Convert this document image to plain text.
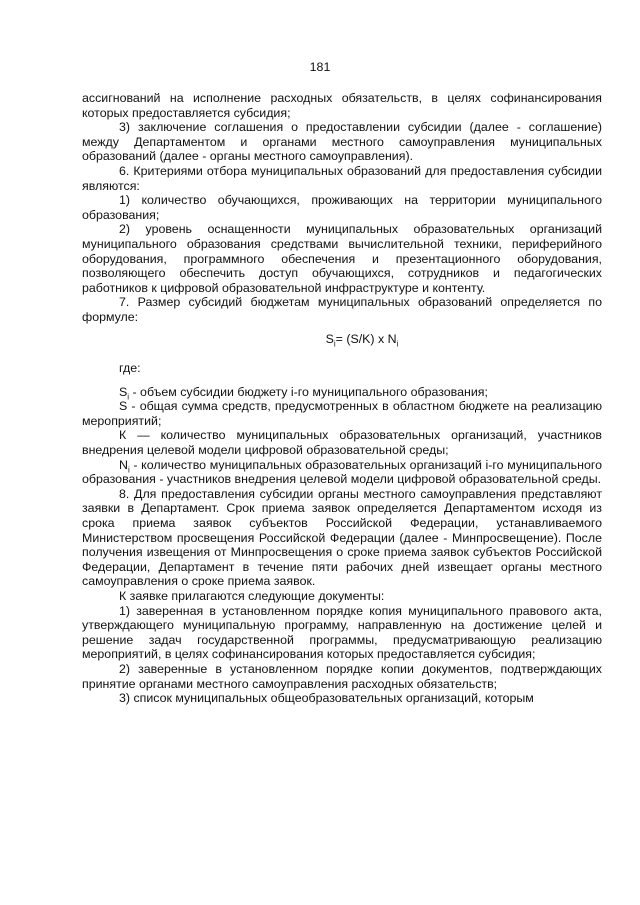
181

ассигнований на исполнение расходных обязательств, в целях софинансирования которых предоставляется субсидия;

3) заключение соглашения о предоставлении субсидии (далее - соглашение) между Департаментом и органами местного самоуправления муниципальных образований (далее - органы местного самоуправления).

6. Критериями отбора муниципальных образований для предоставления субсидии являются:

1) количество обучающихся, проживающих на территории муниципального образования;

2) уровень оснащенности муниципальных образовательных организаций муниципального образования средствами вычислительной техники, периферийного оборудования, программного обеспечения и презентационного оборудования, позволяющего обеспечить доступ обучающихся, сотрудников и педагогических работников к цифровой образовательной инфраструктуре и контенту.

7. Размер субсидий бюджетам муниципальных образований определяется по формуле:

$S_i= (S/K)$ x $N_i$

где:

$S_i$ - объем субсидии бюджету i-го муниципального образования;

S - общая сумма средств, предусмотренных в областном бюджете на реализацию мероприятий;

К — количество муниципальных образовательных организаций, участников внедрения целевой модели цифровой образовательной среды;

$N_i$ - количество муниципальных образовательных организаций i-го муниципального образования - участников внедрения целевой модели цифровой образовательной среды.

8. Для предоставления субсидии органы местного самоуправления представляют заявки в Департамент. Срок приема заявок определяется Департаментом исходя из срока приема заявок субъектов Российской Федерации, устанавливаемого Министерством просвещения Российской Федерации (далее - Минпросвещение). После получения извещения от Минпросвещения о сроке приема заявок субъектов Российской Федерации, Департамент в течение пяти рабочих дней извещает органы местного самоуправления о сроке приема заявок.

К заявке прилагаются следующие документы:

1) заверенная в установленном порядке копия муниципального правового акта, утверждающего муниципальную программу, направленную на достижение целей и решение задач государственной программы, предусматривающую реализацию мероприятий, в целях софинансирования которых предоставляется субсидия;

2) заверенные в установленном порядке копии документов, подтверждающих принятие органами местного самоуправления расходных обязательств;

3) список муниципальных общеобразовательных организаций, которым
